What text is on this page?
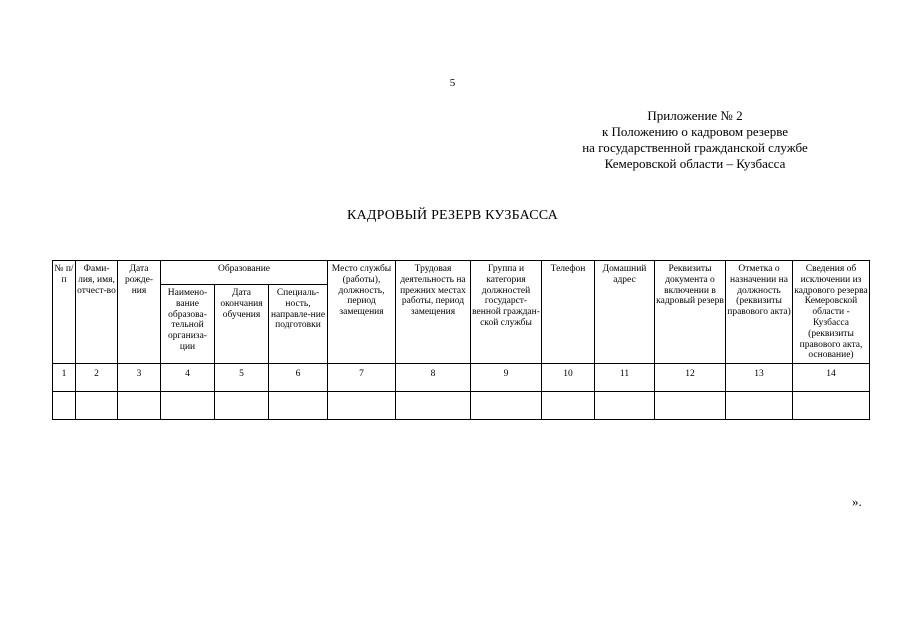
5
Приложение № 2
к Положению о кадровом резерве
на государственной гражданской службе
Кемеровской области – Кузбасса
КАДРОВЫЙ РЕЗЕРВ КУЗБАССА
№ п/п	Фами-лия, имя, отчест-во	Дата рожде-ния	Образование			Место службы (работы), должность, период замещения	Трудовая деятельность на прежних местах работы, период замещения	Группа и категория должностей государст-венной граждан-ской службы	Телефон	Домашний адрес	Реквизиты документа о включении в кадровый резерв	Отметка о назначении на должность (реквизиты правового акта)	Сведения об исключении из кадрового резерва Кемеровской области - Кузбасса (реквизиты правового акта, основание)
			Наимено-вание образова-тельной организа-ции	Дата окончания обучения	Специаль-ность, направле-ние подготовки								
1	2	3	4	5	6	7	8	9	10	11	12	13	14

».
